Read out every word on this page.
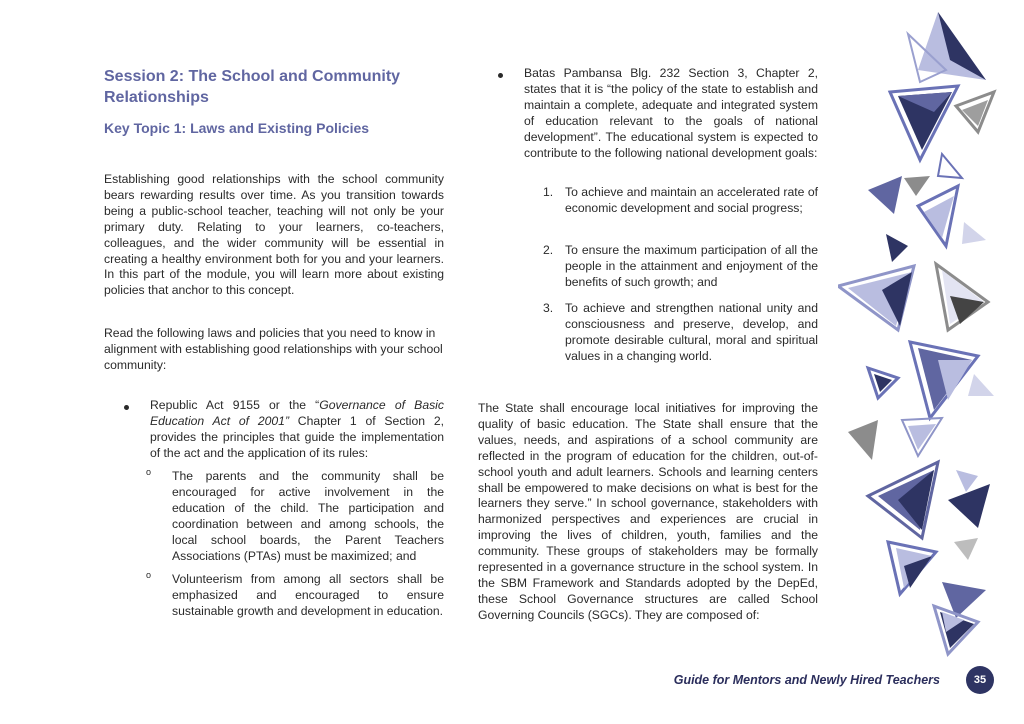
Session 2: The School and Community Relationships
Key Topic 1: Laws and Existing Policies

Establishing good relationships with the school community bears rewarding results over time. As you transition towards being a public-school teacher, teaching will not only be your primary duty. Relating to your learners, co-teachers, colleagues, and the wider community will be essential in creating a healthy environment both for you and your learners. In this part of the module, you will learn more about existing policies that anchor to this concept.

Read the following laws and policies that you need to know in alignment with establishing good relationships with your school community:

Republic Act 9155 or the “Governance of Basic Education Act of 2001” Chapter 1 of Section 2, provides the principles that guide the implementation of the act and the application of its rules:

o The parents and the community shall be encouraged for active involvement in the education of the child. The participation and coordination between and among schools, the local school boards, the Parent Teachers Associations (PTAs) must be maximized; and

o Volunteerism from among all sectors shall be emphasized and encouraged to ensure sustainable growth and development in education.

Batas Pambansa Blg. 232 Section 3, Chapter 2, states that it is “the policy of the state to establish and maintain a complete, adequate and integrated system of education relevant to the goals of national development”. The educational system is expected to contribute to the following national development goals:

1. To achieve and maintain an accelerated rate of economic development and social progress;
2. To ensure the maximum participation of all the people in the attainment and enjoyment of the benefits of such growth; and
3. To achieve and strengthen national unity and consciousness and preserve, develop, and promote desirable cultural, moral and spiritual values in a changing world.

The State shall encourage local initiatives for improving the quality of basic education. The State shall ensure that the values, needs, and aspirations of a school community are reflected in the program of education for the children, out-of-school youth and adult learners. Schools and learning centers shall be empowered to make decisions on what is best for the learners they serve.” In school governance, stakeholders with harmonized perspectives and experiences are crucial in improving the lives of children, youth, families and the community. These groups of stakeholders may be formally represented in a governance structure in the school system. In the SBM Framework and Standards adopted by the DepEd, these School Governance structures are called School Governing Councils (SGCs). They are composed of:

Guide for Mentors and Newly Hired Teachers	35
